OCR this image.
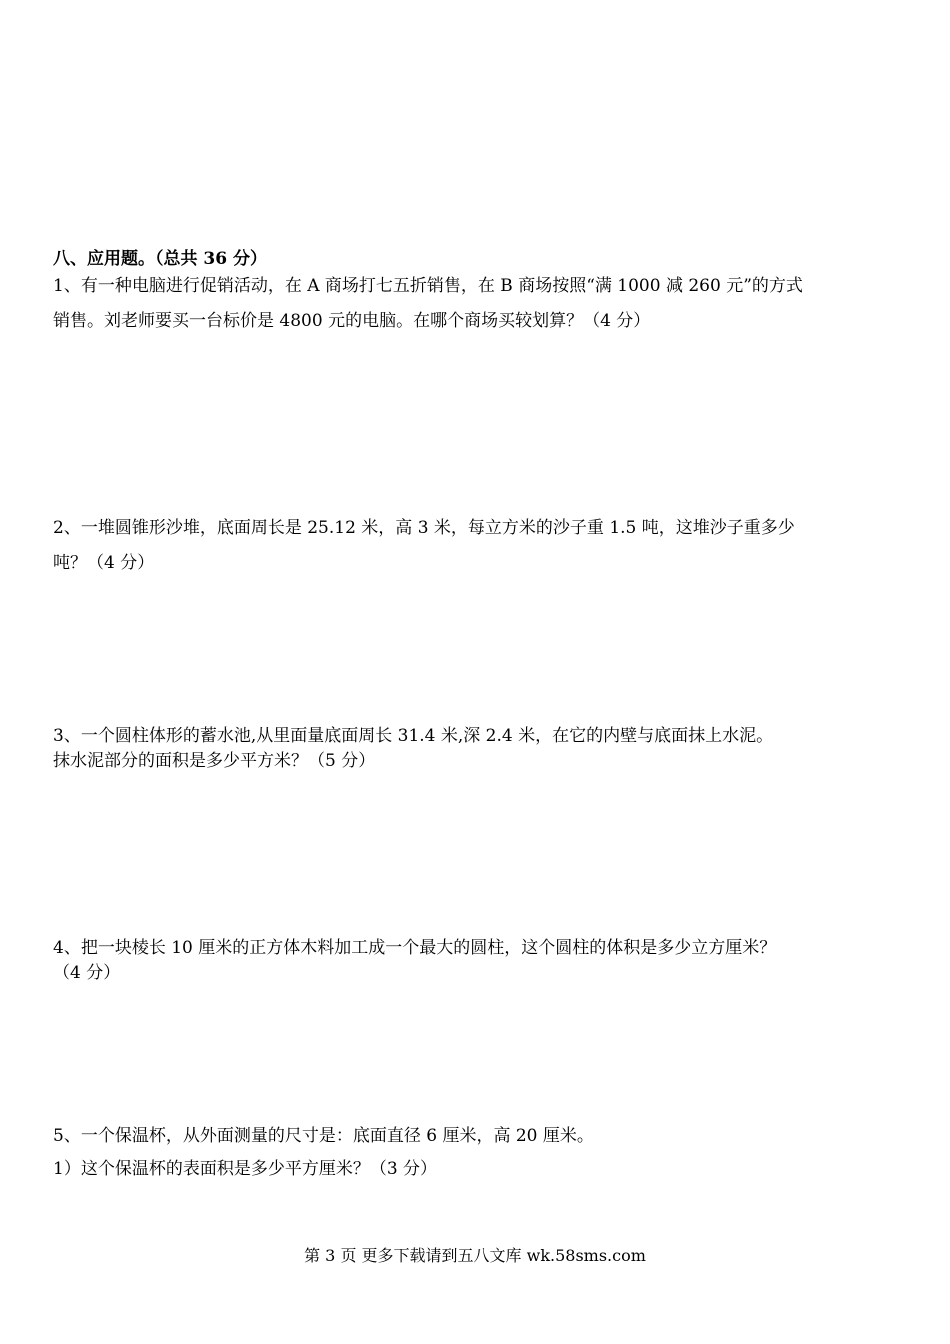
八、应用题。（总共 36 分）
1、有一种电脑进行促销活动，在 A 商场打七五折销售，在 B 商场按照“满 1000 减 260 元”的方式
销售。刘老师要买一台标价是 4800 元的电脑。在哪个商场买较划算？（4 分）
2、一堆圆锥形沙堆，底面周长是 25.12 米，高 3 米，每立方米的沙子重 1.5 吨，这堆沙子重多少
吨？（4 分）
3、一个圆柱体形的蓄水池,从里面量底面周长 31.4 米,深 2.4 米，在它的内壁与底面抹上水泥。
抹水泥部分的面积是多少平方米？（5 分）
4、把一块棱长 10 厘米的正方体木料加工成一个最大的圆柱，这个圆柱的体积是多少立方厘米？
（4 分）
5、一个保温杯，从外面测量的尺寸是：底面直径 6 厘米，高 20 厘米。
1）这个保温杯的表面积是多少平方厘米？（3 分）
第 3 页 更多下载请到五八文库 wk.58sms.com
